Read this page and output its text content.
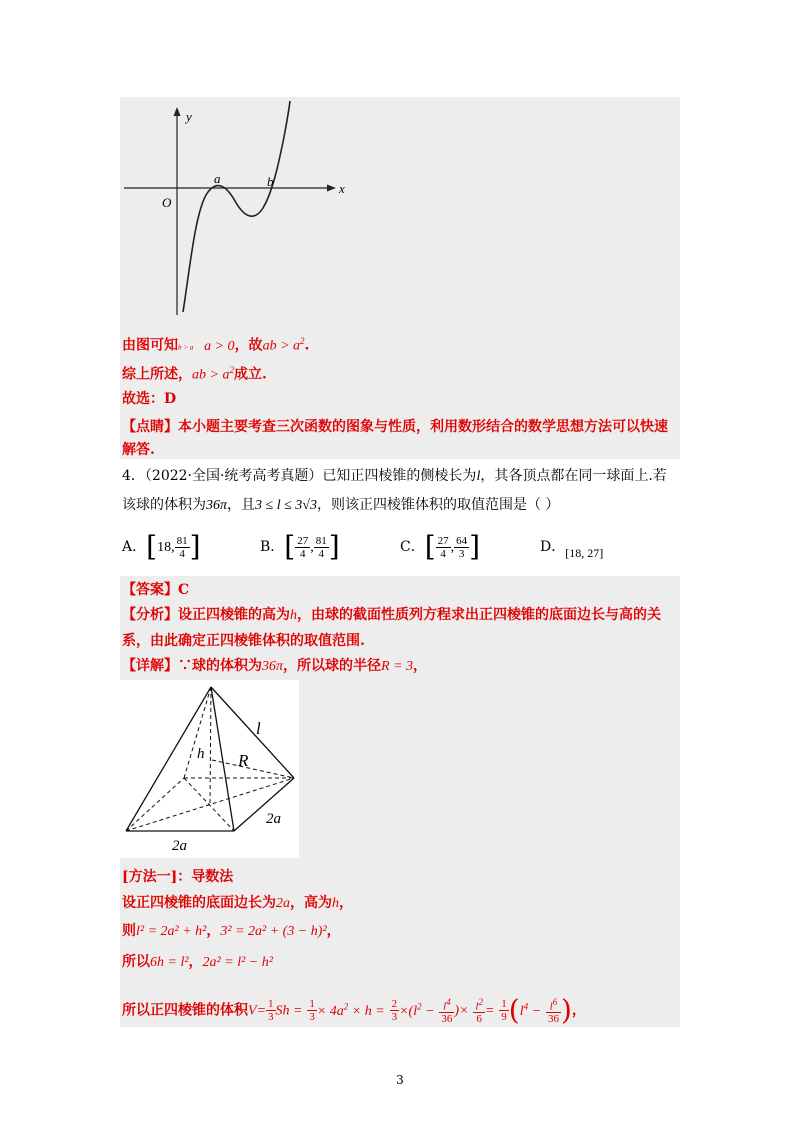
y
x
O
a	b
由图可知b > a a > 0，故ab > $a^2$.
综上所述，ab > $a^2$成立.
故选：D
【点睛】本小题主要考查三次函数的图象与性质，利用数形结合的数学思想方法可以快速
解答.
4．（2022·全国·统考高考真题）已知正四棱锥的侧棱长为l，其各顶点都在同一球面上.若
该球的体积为36π，且3 ≤ l ≤ 3√3，则该正四棱锥体积的取值范围是（ ）
A．[18, $\frac{81}{4}$ ]	B．[ $\frac{27}{4}$ , $\frac{81}{4}$ ]	C．[ $\frac{27}{4}$ , $\frac{64}{3}$ ]	D．[18, 27]
【答案】C
【分析】设正四棱锥的高为h，由球的截面性质列方程求出正四棱锥的底面边长与高的关
系，由此确定正四棱锥体积的取值范围.
【详解】∵球的体积为36π，所以球的半径R = 3，
l
h R
2a
2a
[方法一]：导数法
设正四棱锥的底面边长为2a，高为h，
则l² = 2a² + h²，3² = 2a² + (3 − h)²，
所以6h = l²，2a² = l² − h²
所以正四棱锥的体积$V= \frac{1}{3}$ $Sh = \frac{1}{3} \times 4a^2 \times h = \frac{2}{3} \times(l^2 - \frac{l^4}{36}$ )× $\frac{l^2}{6} = \frac{1}{9} (l^4 - \frac{l^6}{36}$ )，
3
